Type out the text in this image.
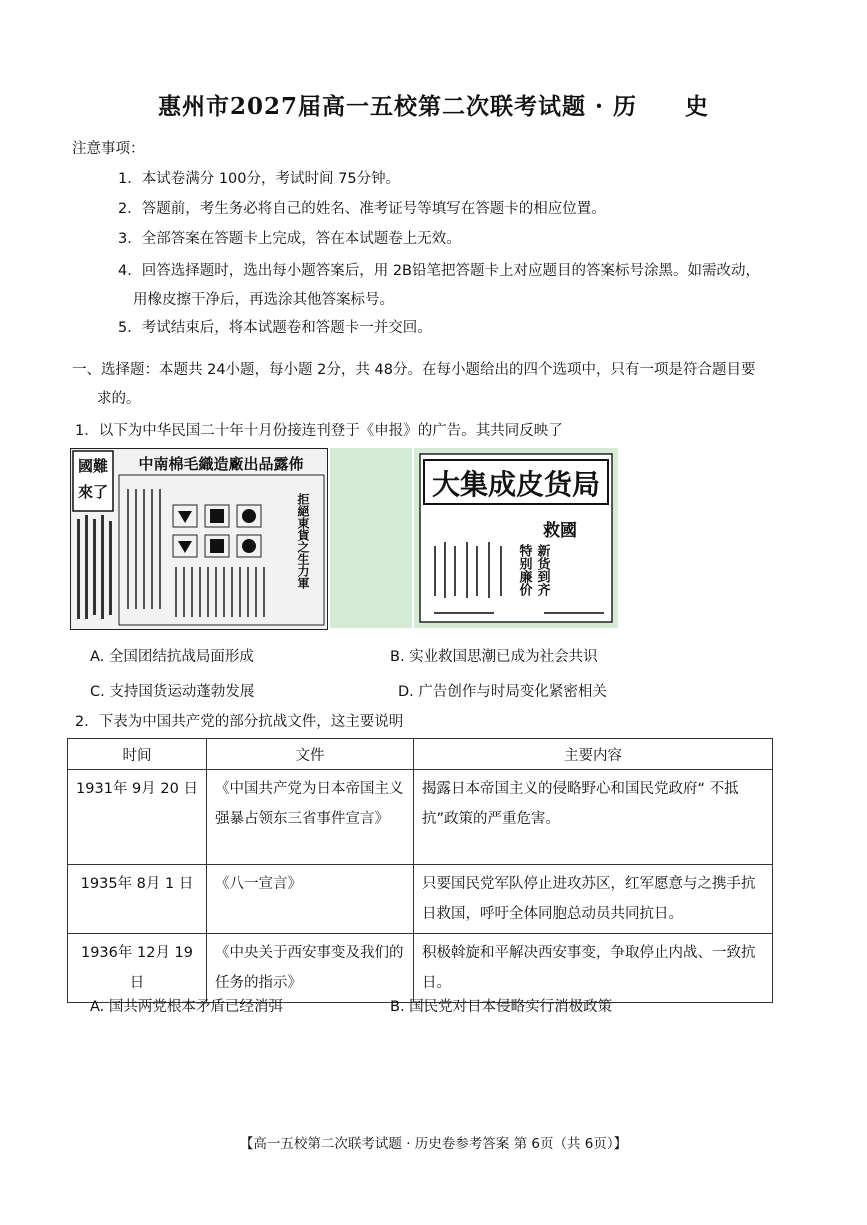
惠州市2027届高一五校第二次联考试题 · 历　　史
注意事项：
1．本试卷满分 100分，考试时间 75分钟。
2．答题前，考生务必将自己的姓名、准考证号等填写在答题卡的相应位置。
3．全部答案在答题卡上完成，答在本试题卷上无效。
4．回答选择题时，选出每小题答案后，用 2B铅笔把答题卡上对应题目的答案标号涂黑。如需改动，
用橡皮擦干净后，再选涂其他答案标号。
5．考试结束后，将本试题卷和答题卡一并交回。
一、选择题：本题共 24小题，每小题 2分，共 48分。在每小题给出的四个选项中，只有一项是符合题目要
求的。
1．以下为中华民国二十年十月份接连刊登于《申报》的广告。其共同反映了
國難
來了
中南棉毛織造廠出品露佈
拒絕東貨之生力軍
大集成皮货局
救國
新货到齐
特别廉价
A. 全国团结抗战局面形成	B. 实业救国思潮已成为社会共识
C. 支持国货运动蓬勃发展	D. 广告创作与时局变化紧密相关
2．下表为中国共产党的部分抗战文件，这主要说明
时间	文件	主要内容
1931年 9月 20 日	《中国共产党为日本帝国主义强暴占领东三省事件宣言》	揭露日本帝国主义的侵略野心和国民党政府“ 不抵抗”政策的严重危害。
1935年 8月 1 日	《八一宣言》	只要国民党军队停止进攻苏区，红军愿意与之携手抗日救国，呼吁全体同胞总动员共同抗日。
1936年 12月 19 日	《中央关于西安事变及我们的任务的指示》	积极斡旋和平解决西安事变，争取停止内战、一致抗日。
A. 国共两党根本矛盾已经消弭	B. 国民党对日本侵略实行消极政策
【高一五校第二次联考试题 · 历史卷参考答案 第 6页（共 6页）】
